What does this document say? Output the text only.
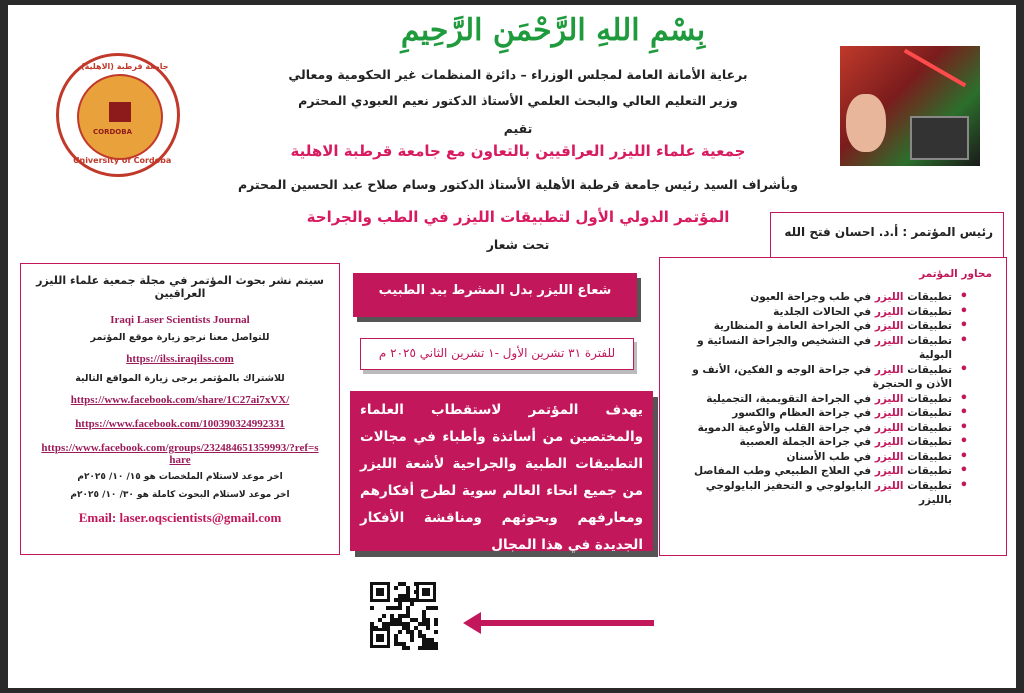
بِسْمِ اللهِ الرَّحْمَنِ الرَّحِيمِ
جامعة قرطبة (الاهلية)
CORDOBA
University of Cordoba
برعاية الأمانة العامة لمجلس الوزراء – دائرة المنظمات غير الحكومية ومعالي
وزير التعليم العالي والبحث العلمي الأستاذ الدكتور نعيم العبودي المحترم
تقيم
جمعية علماء الليزر العراقيين بالتعاون مع جامعة قرطبة الاهلية
وبأشراف السيد رئيس جامعة قرطبة الأهلية الأستاذ الدكتور وسام صلاح عبد الحسين المحترم
المؤتمر الدولي الأول لتطبيقات الليزر في الطب والجراحة
تحت شعار
رئيس المؤتمر : أ.د. احسان فتح الله
سيتم نشر بحوث المؤتمر في مجلة جمعية علماء الليزر العراقيين
Iraqi Laser Scientists Journal
للتواصل معنا نرجو زيارة موقع المؤتمر
https://ilss.iraqilss.com
للاشتراك بالمؤتمر يرجى زيارة المواقع التالية
https://www.facebook.com/share/1C27ai7xVX/
https://www.facebook.com/100390324992331
https://www.facebook.com/groups/232484651359993/?ref=s
hare
اخر موعد لاستلام الملخصات هو ١٥/ ١٠/ ٢٠٢٥م
اخر موعد لاستلام البحوث كاملة هو ٣٠/ ١٠/ ٢٠٢٥م
Email: laser.oqscientists@gmail.com
شعاع الليزر بدل المشرط بيد الطبيب
للفترة ٣١ تشرين الأول -١ تشرين الثاني ٢٠٢٥ م
يهدف المؤتمر لاستقطاب العلماء والمختصين من أساتذة وأطباء في مجالات التطبيقات الطبية والجراحية لأشعة الليزر من جميع انحاء العالم سوية لطرح أفكارهم ومعارفهم وبحوثهم ومناقشة الأفكار الجديدة في هذا المجال
محاور المؤتمر
• تطبيقات الليزر في طب وجراحة العيون
• تطبيقات الليزر في الحالات الجلدية
• تطبيقات الليزر في الجراحة العامة و المنظارية
• تطبيقات الليزر في التشخيص والجراحة النسائية و البولية
• تطبيقات الليزر في جراحة الوجه و الفكين، الأنف و الأذن و الحنجرة
• تطبيقات الليزر في الجراحة التقويمية، التجميلية
• تطبيقات الليزر في جراحة العظام والكسور
• تطبيقات الليزر في جراحة القلب والأوعية الدموية
• تطبيقات الليزر في جراحة الجملة العصبية
• تطبيقات الليزر في طب الأسنان
• تطبيقات الليزر في العلاج الطبيعي وطب المفاصل
• تطبيقات الليزر البايولوجي و التحفيز البايولوجي بالليزر
